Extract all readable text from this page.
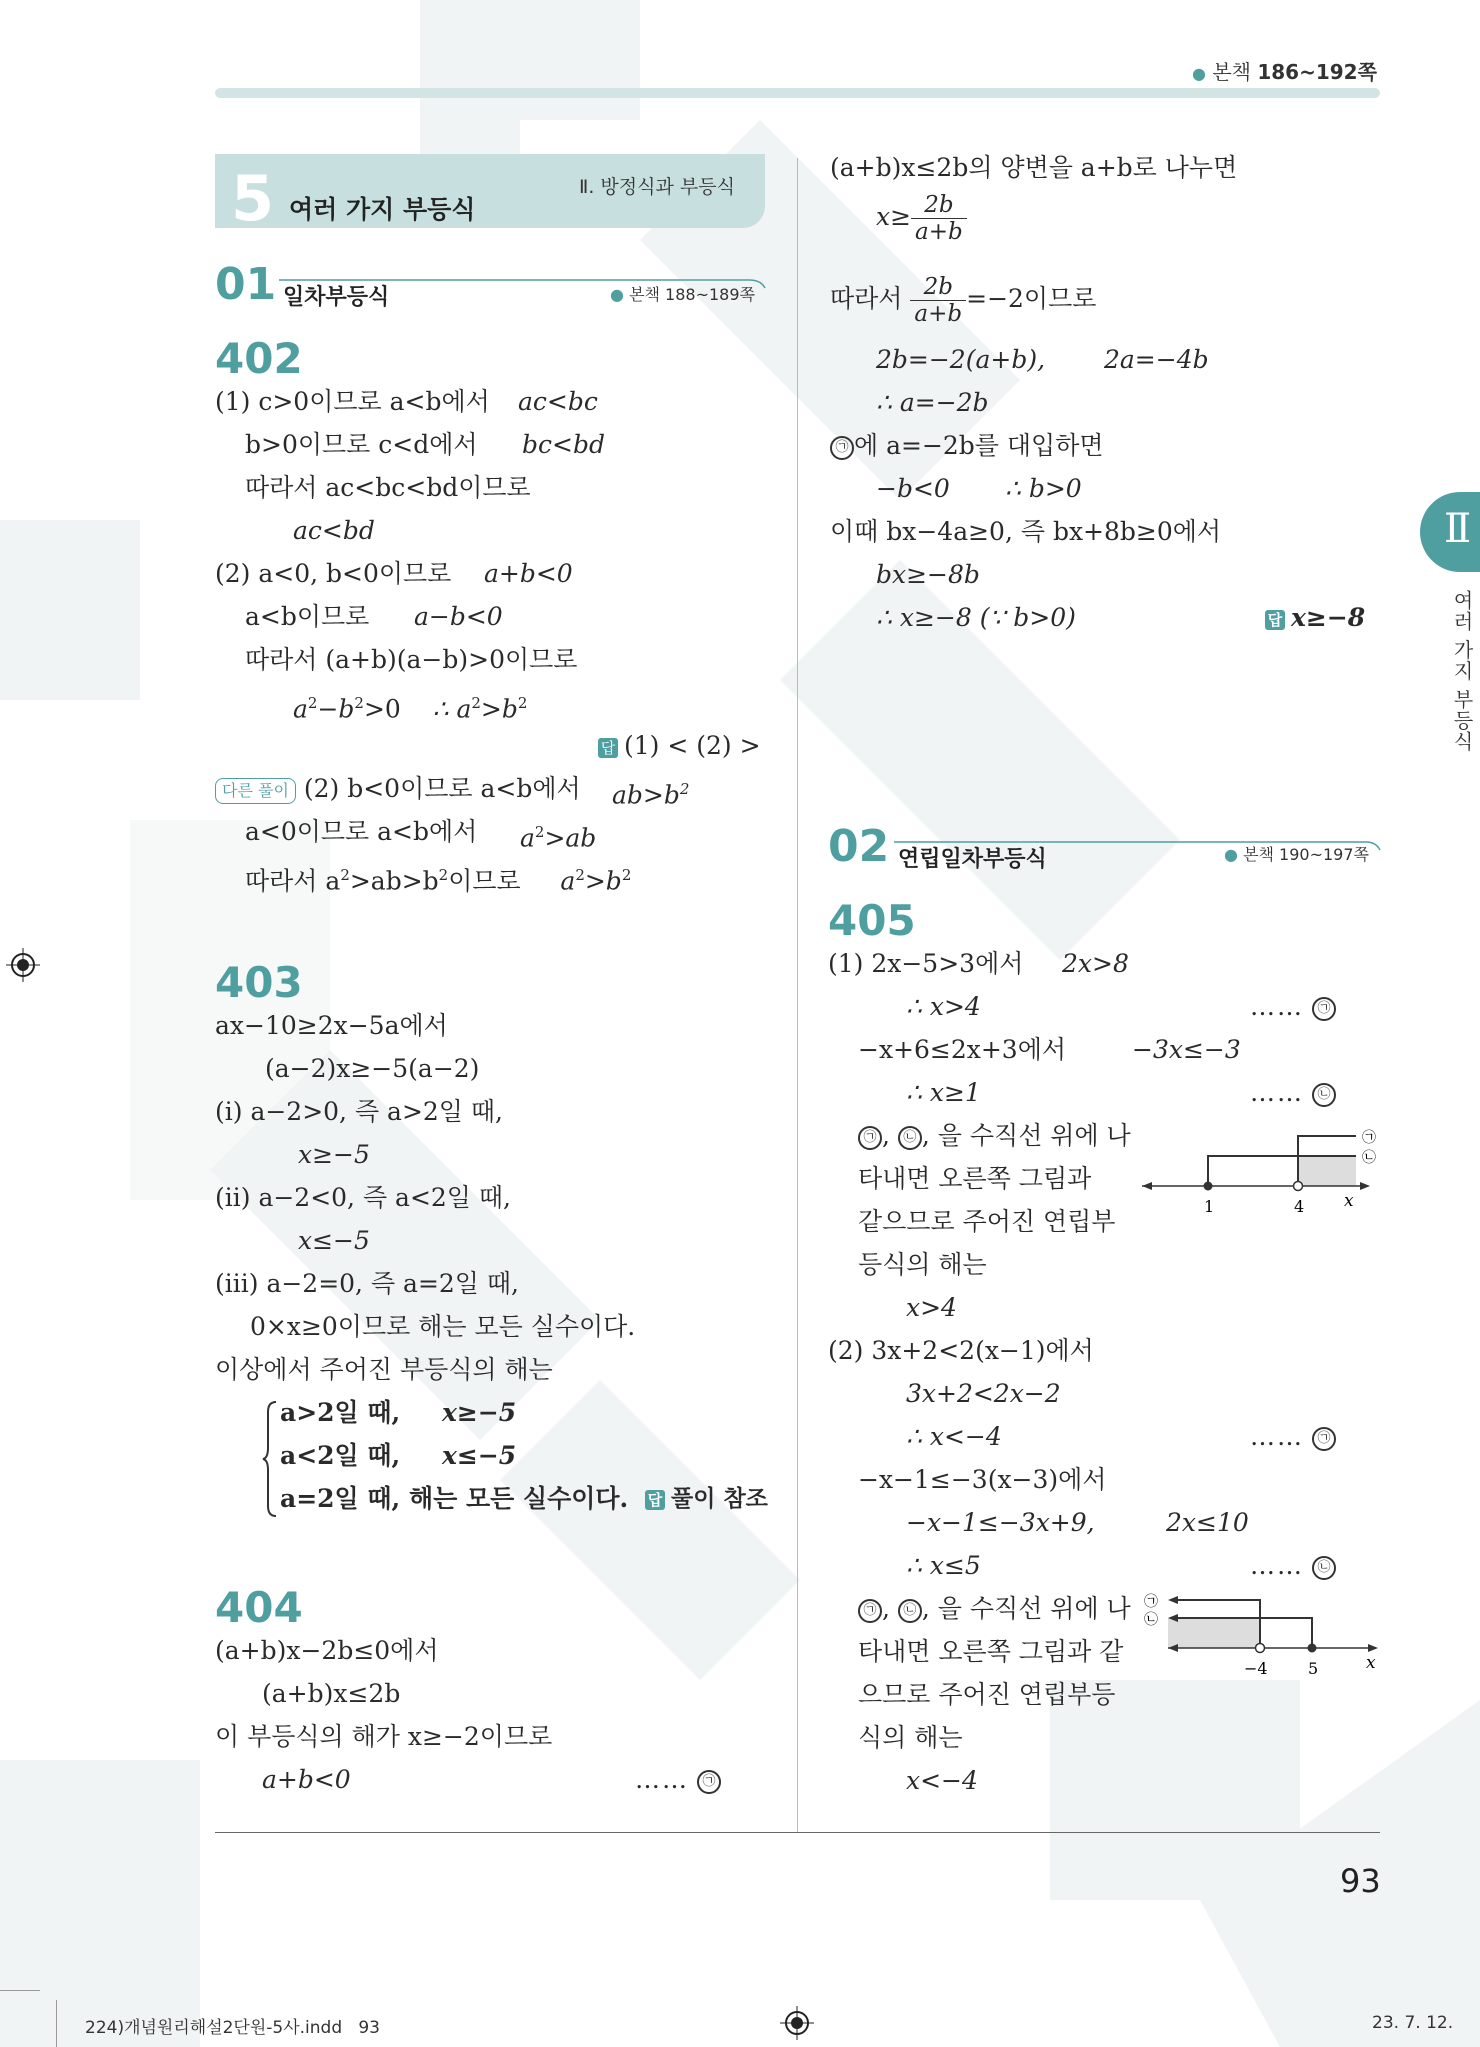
● 본책 186~192쪽
5 여러 가지 부등식
Ⅱ. 방정식과 부등식
01 일차부등식	● 본책 188~189쪽
402
(1) c>0이므로 a<b에서 ac<bc
b>0이므로 c<d에서 bc<bd
따라서 ac<bc<bd이므로
ac<bd
(2) a<0, b<0이므로 a+b<0
a<b이므로 a−b<0
따라서 (a+b)(a−b)>0이므로
$a^2-b^2>0$ ∴ $a^2>b^2$
답 (1) < (2) >
다른 풀이 (2) b<0이므로 a<b에서 $ab>b^2$
a<0이므로 a<b에서 $a^2>ab$
따라서 $a^2>ab>b^2$이므로 $a^2>b^2$
403
ax−10≥2x−5a에서
(a−2)x≥−5(a−2)
(ⅰ) a−2>0, 즉 a>2일 때,
x≥−5
(ⅱ) a−2<0, 즉 a<2일 때,
x≤−5
(ⅲ) a−2=0, 즉 a=2일 때,
0×x≥0이므로 해는 모든 실수이다.
이상에서 주어진 부등식의 해는
a>2일 때, x≥−5
a<2일 때, x≤−5
a=2일 때, 해는 모든 실수이다. 답 풀이 참조
404
(a+b)x−2b≤0에서
(a+b)x≤2b
이 부등식의 해가 x≥−2이므로
a+b<0	…… ㉠
(a+b)x≤2b의 양변을 a+b로 나누면
$x\ge \frac{2b}{a+b}$
따라서 $\frac{2b}{a+b} =-2$이므로
2b=−2(a+b), 2a=−4b
∴ a=−2b
㉠ 에 a=−2b를 대입하면
−b<0 ∴ b>0
이때 bx−4a≥0, 즉 bx+8b≥0에서
bx≥−8b
∴ x≥−8 (∵ b>0)	답 x≥−8
02 연립일차부등식	● 본책 190~197쪽
405
(1) 2x−5>3에서 2x>8
∴ x>4	…… ㉠
−x+6≤2x+3에서	−3x≤−3
∴ x≥1	…… ㉡
㉠ , ㉡ , 을 수직선 위에 나
타내면 오른쪽 그림과
같으므로 주어진 연립부
등식의 해는
x>4
1	4 x
㉠
㉡
(2) 3x+2<2(x−1)에서
3x+2<2x−2
∴ x<−4	…… ㉠
−x−1≤−3(x−3)에서
−x−1≤−3x+9,	2x≤10
∴ x≤5	…… ㉡
㉠ , ㉡ , 을 수직선 위에 나
타내면 오른쪽 그림과 같
으므로 주어진 연립부등
식의 해는
x<−4
−4	5	x
㉠
㉡
93
Ⅱ
여러 가지 부등식
224)개념원리해설2단원-5사.indd   93	23. 7. 12.
